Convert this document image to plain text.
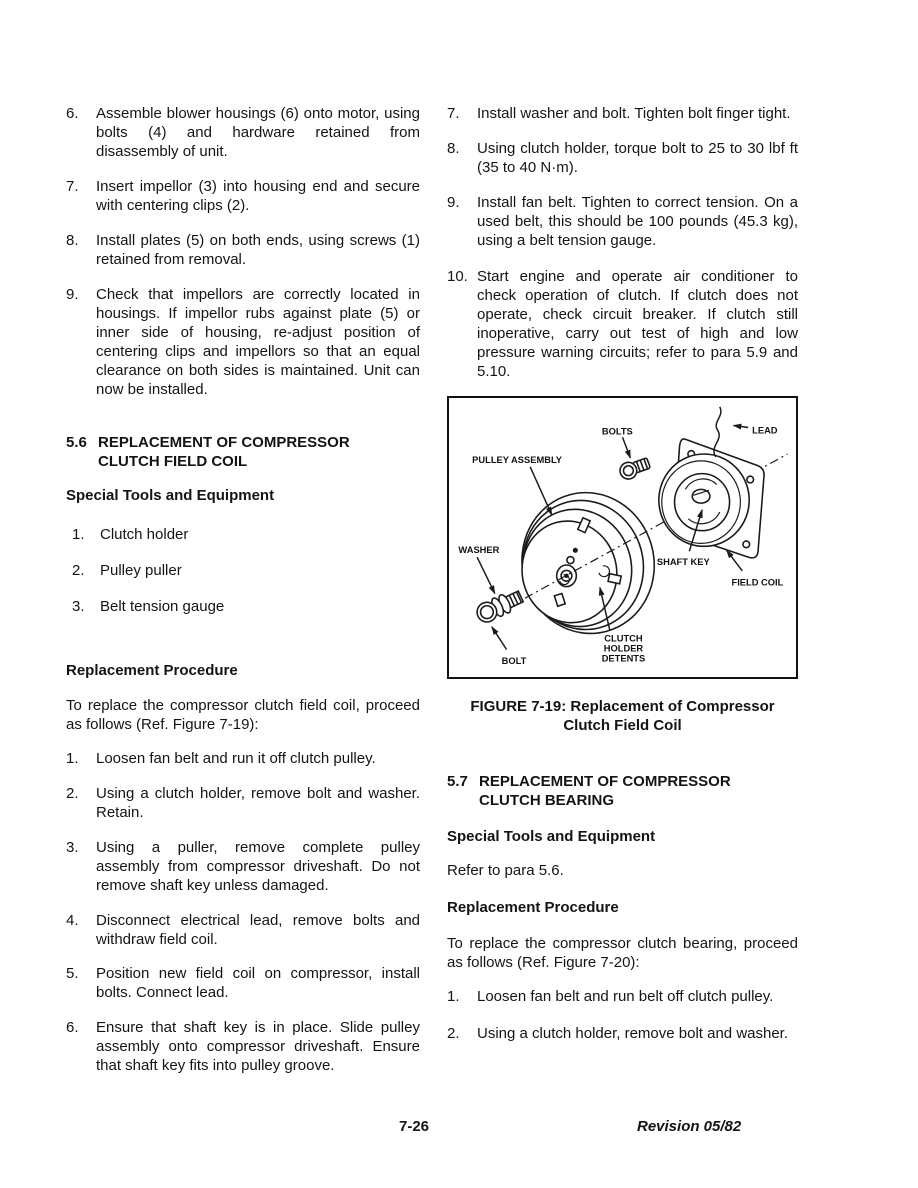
6.	Assemble blower housings (6) onto motor, using bolts (4) and hardware retained from disassembly of unit.
7.	Insert impellor (3) into housing end and secure with centering clips (2).
8.	Install plates (5) on both ends, using screws (1) retained from removal.
9.	Check that impellors are correctly located in housings. If impellor rubs against plate (5) or inner side of housing, re-adjust position of centering clips and impellors so that an equal clearance on both sides is maintained. Unit can now be installed.
5.6 REPLACEMENT OF COMPRESSOR
CLUTCH FIELD COIL
Special Tools and Equipment
1.	Clutch holder
2.	Pulley puller
3.	Belt tension gauge
Replacement Procedure
To replace the compressor clutch field coil, proceed as follows (Ref. Figure 7-19):
1.	Loosen fan belt and run it off clutch pulley.
2.	Using a clutch holder, remove bolt and washer. Retain.
3.	Using a puller, remove complete pulley assembly from compressor driveshaft. Do not remove shaft key unless damaged.
4.	Disconnect electrical lead, remove bolts and withdraw field coil.
5.	Position new field coil on compressor, install bolts. Connect lead.
6.	Ensure that shaft key is in place. Slide pulley assembly onto compressor driveshaft. Ensure that shaft key fits into pulley groove.
7.	Install washer and bolt. Tighten bolt finger tight.
8.	Using clutch holder, torque bolt to 25 to 30 lbf ft (35 to 40 N·m).
9.	Install fan belt. Tighten to correct tension. On a used belt, this should be 100 pounds (45.3 kg), using a belt tension gauge.
10. Start engine and operate air conditioner to check operation of clutch. If clutch does not operate, check circuit breaker. If clutch still inoperative, carry out test of high and low pressure warning circuits; refer to para 5.9 and 5.10.
BOLTS	LEAD
PULLEY ASSEMBLY
WASHER
SHAFT KEY
FIELD COIL
BOLT
CLUTCH
HOLDER
DETENTS
FIGURE 7-19: Replacement of Compressor
Clutch Field Coil
5.7 REPLACEMENT OF COMPRESSOR
CLUTCH BEARING
Special Tools and Equipment
Refer to para 5.6.
Replacement Procedure
To replace the compressor clutch bearing, proceed as follows (Ref. Figure 7-20):
1.	Loosen fan belt and run belt off clutch pulley.
2.	Using a clutch holder, remove bolt and washer.
7-26	Revision 05/82
